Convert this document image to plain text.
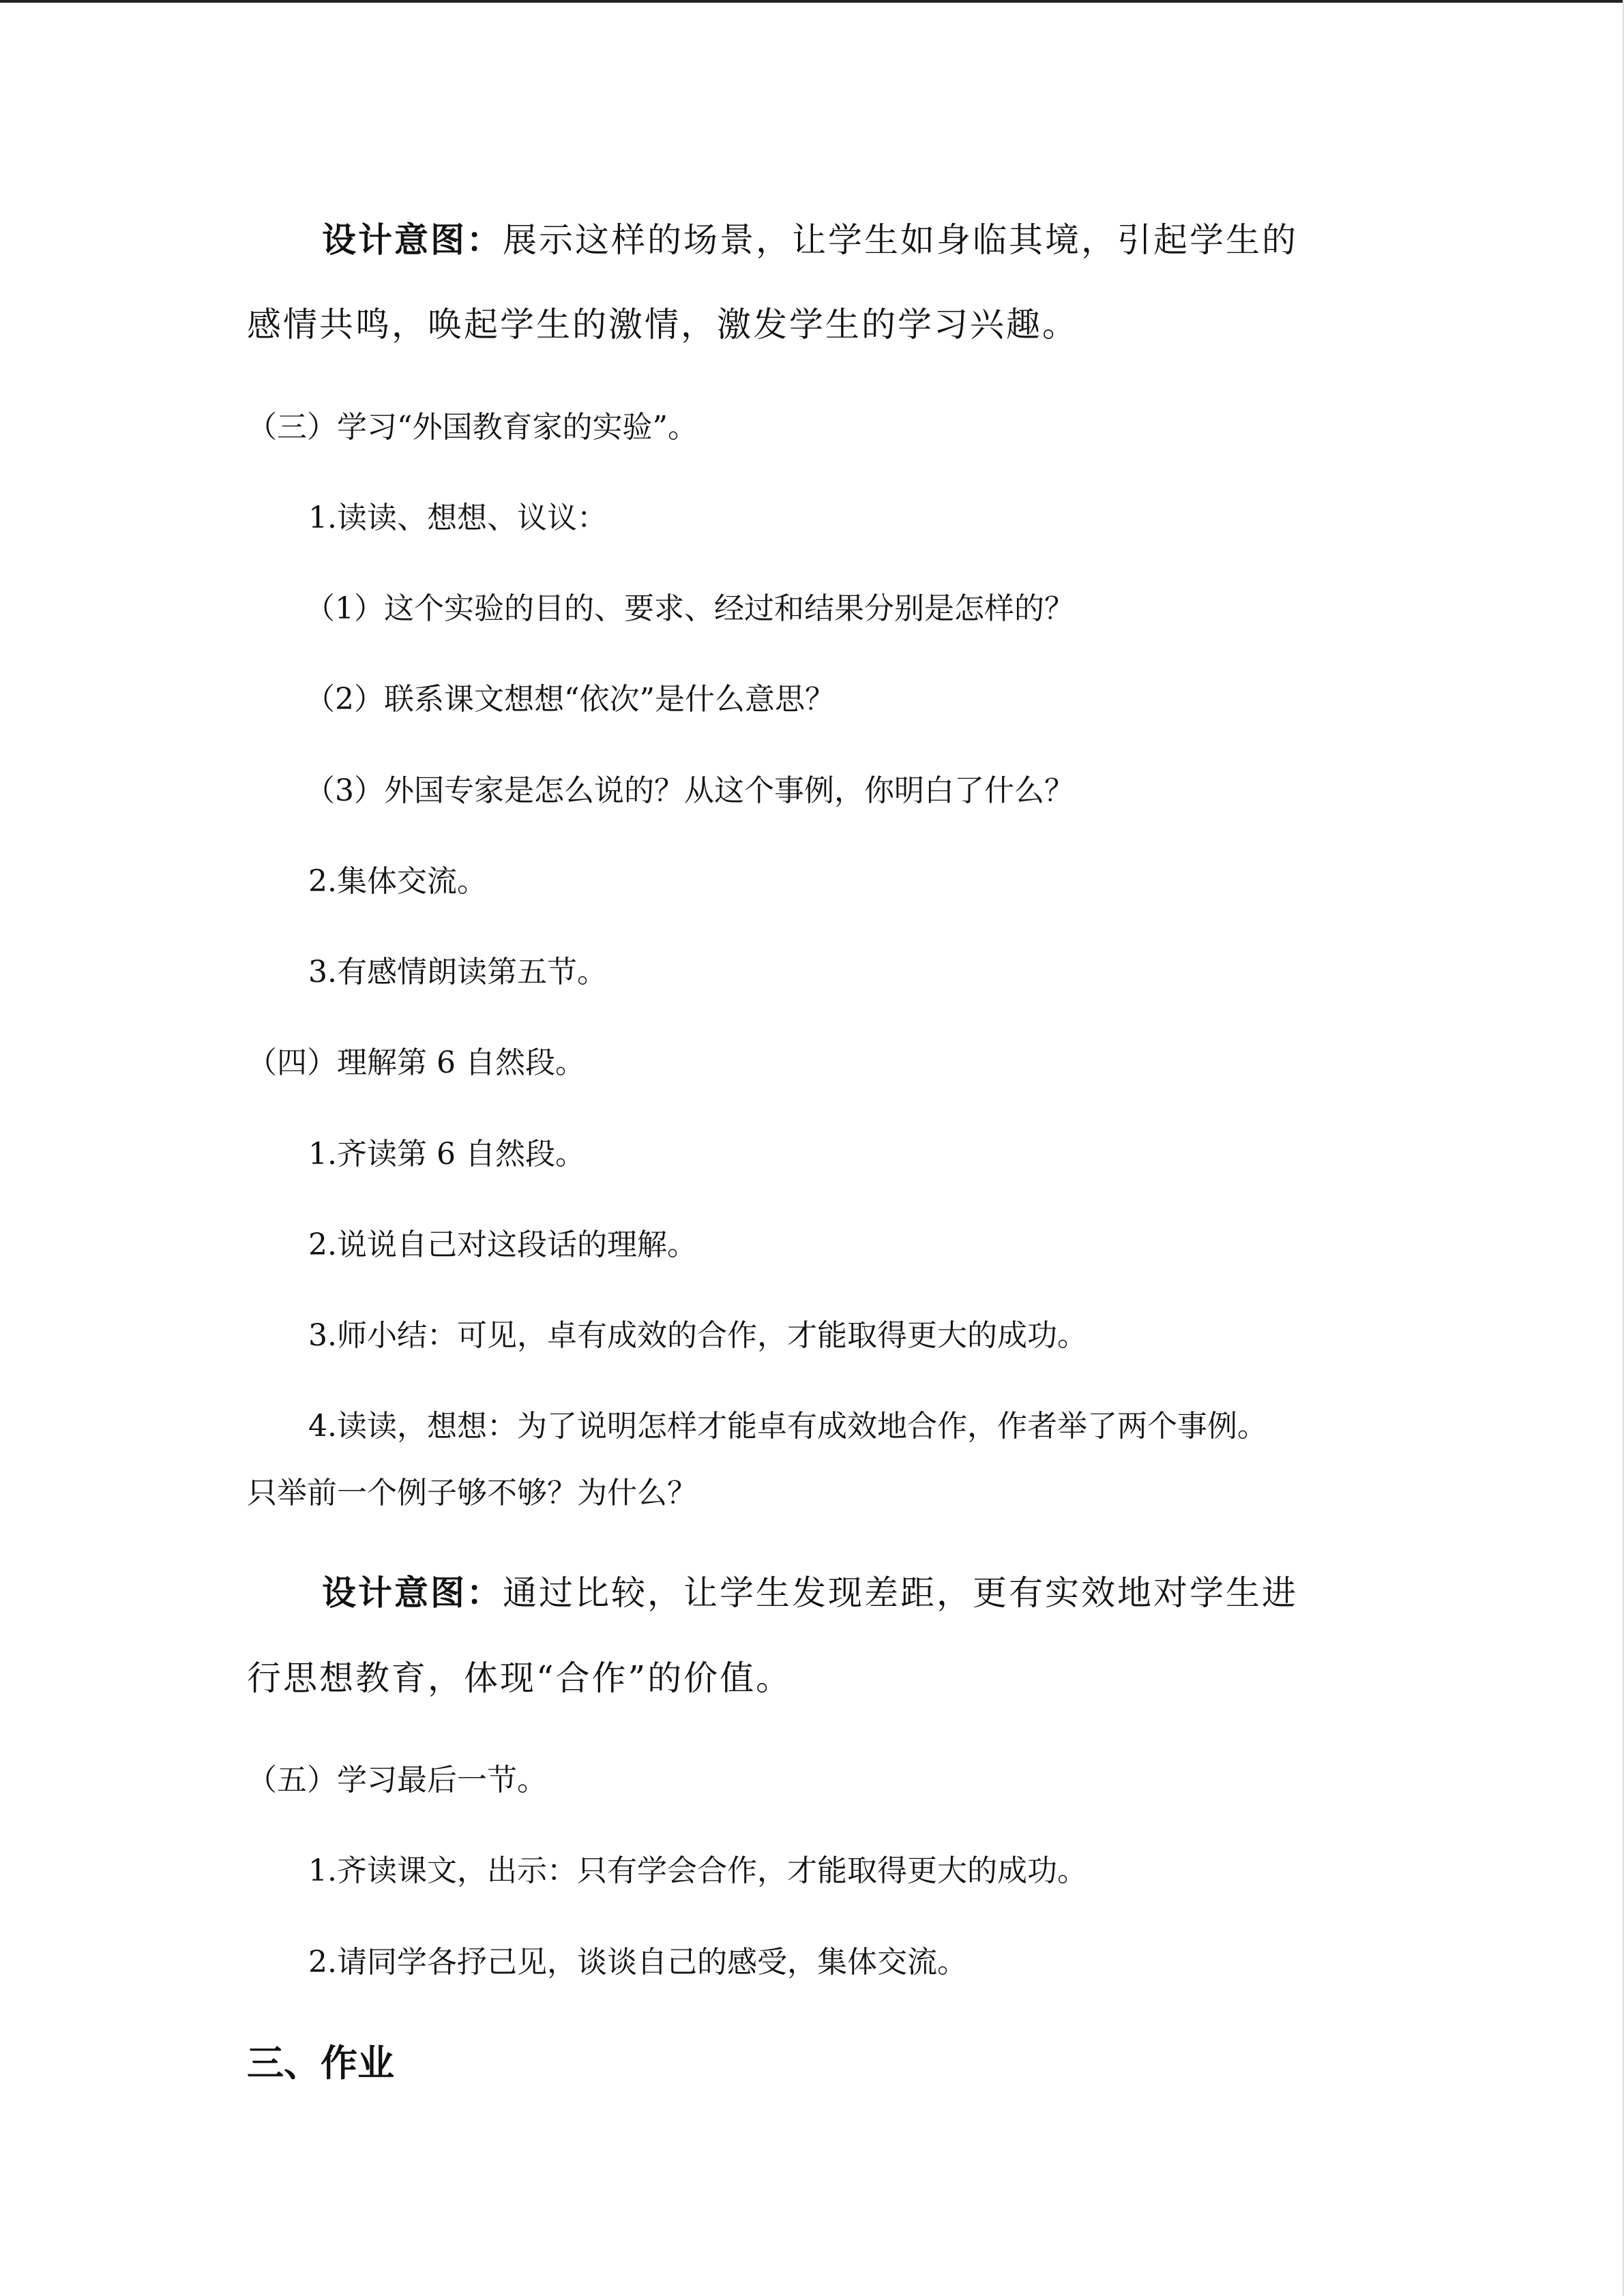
设计意图：展示这样的场景，让学生如身临其境，引起学生的
感情共鸣，唤起学生的激情，激发学生的学习兴趣。
（三）学习“外国教育家的实验”。
1.读读、想想、议议：
（1）这个实验的目的、要求、经过和结果分别是怎样的？
（2）联系课文想想“依次”是什么意思？
（3）外国专家是怎么说的？从这个事例，你明白了什么？
2.集体交流。
3.有感情朗读第五节。
（四）理解第 6 自然段。
1.齐读第 6 自然段。
2.说说自己对这段话的理解。
3.师小结：可见，卓有成效的合作，才能取得更大的成功。
4.读读，想想：为了说明怎样才能卓有成效地合作，作者举了两个事例。
只举前一个例子够不够？为什么？
设计意图：通过比较，让学生发现差距，更有实效地对学生进
行思想教育，体现“合作”的价值。
（五）学习最后一节。
1.齐读课文，出示：只有学会合作，才能取得更大的成功。
2.请同学各抒己见，谈谈自己的感受，集体交流。
三、作业
